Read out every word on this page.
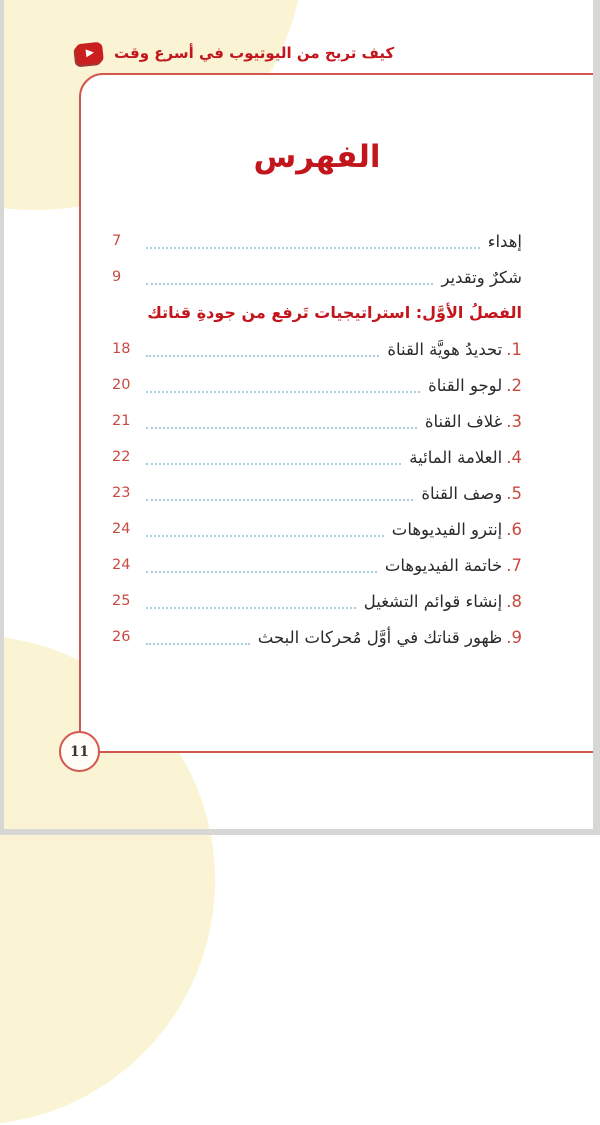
كيف تربح من اليوتيوب في أسرع وقت
الفهرس
إهداء
7
شكرٌ وتقدير
9
الفصلُ الأوَّل: استراتيجيات تَرفع من جودةِ قناتك
1.تحديدُ هويَّة القناة
18
2.لوجو القناة
20
3.غلاف القناة
21
4.العلامة المائية
22
5.وصف القناة
23
6.إنترو الفيديوهات
24
7.خاتمة الفيديوهات
24
8.إنشاء قوائم التشغيل
25
9.ظهور قناتك في أوَّل مُحركات البحث
26
11
